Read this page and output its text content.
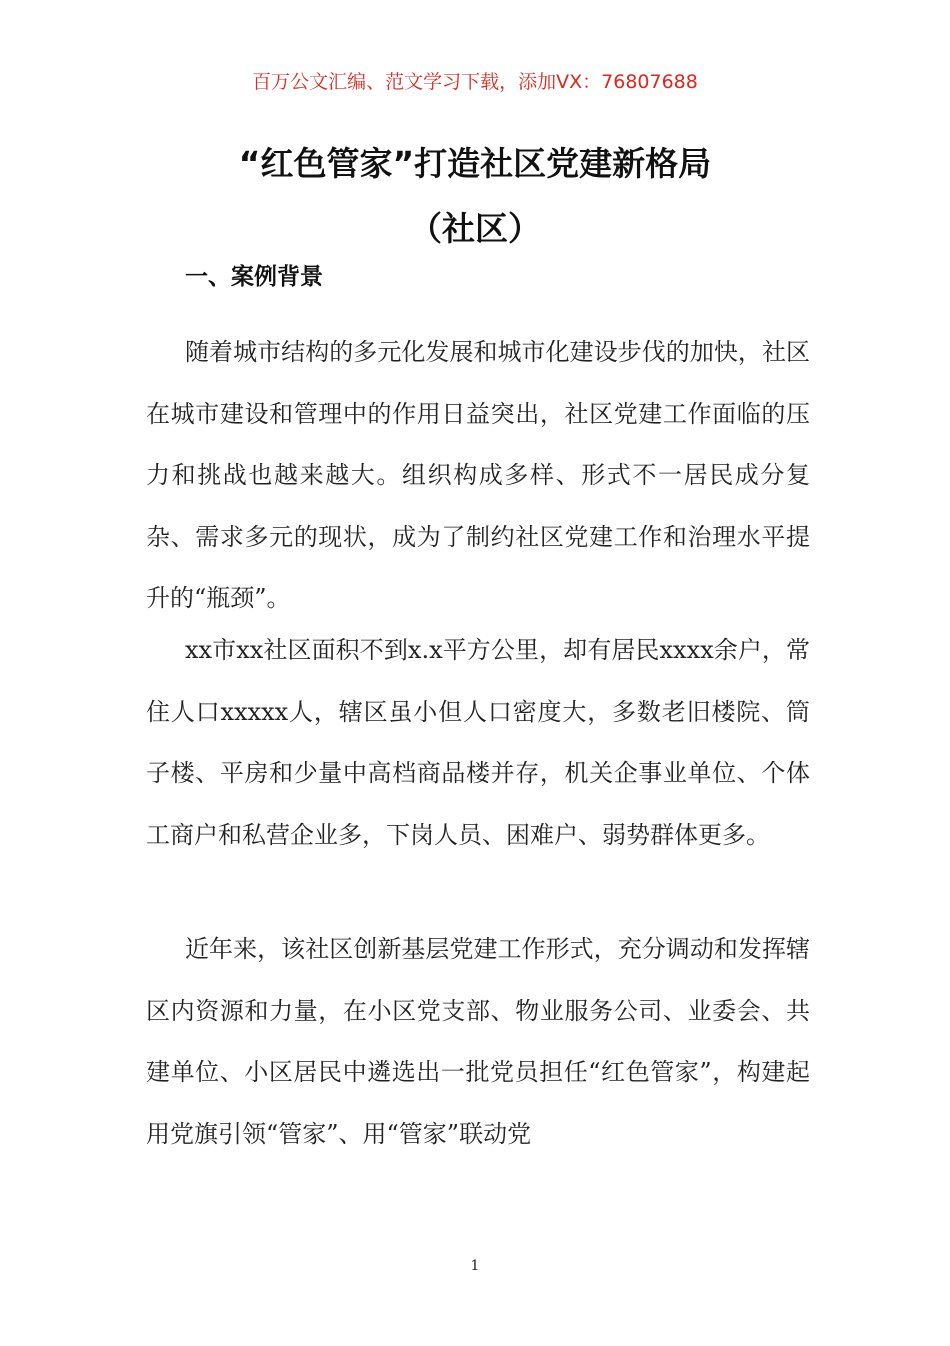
百万公文汇编、范文学习下载，添加VX：76807688
“红色管家”打造社区党建新格局
（社区）
一、案例背景

随着城市结构的多元化发展和城市化建设步伐的加快，社区在城市建设和管理中的作用日益突出，社区党建工作面临的压力和挑战也越来越大。组织构成多样、形式不一居民成分复杂、需求多元的现状，成为了制约社区党建工作和治理水平提升的“瓶颈”。

xx市xx社区面积不到x.x平方公里，却有居民xxxx余户，常住人口xxxxx人，辖区虽小但人口密度大，多数老旧楼院、筒子楼、平房和少量中高档商品楼并存，机关企事业单位、个体工商户和私营企业多，下岗人员、困难户、弱势群体更多。

近年来，该社区创新基层党建工作形式，充分调动和发挥辖区内资源和力量，在小区党支部、物业服务公司、业委会、共建单位、小区居民中遴选出一批党员担任“红色管家”，构建起用党旗引领“管家”、用“管家”联动党

1
